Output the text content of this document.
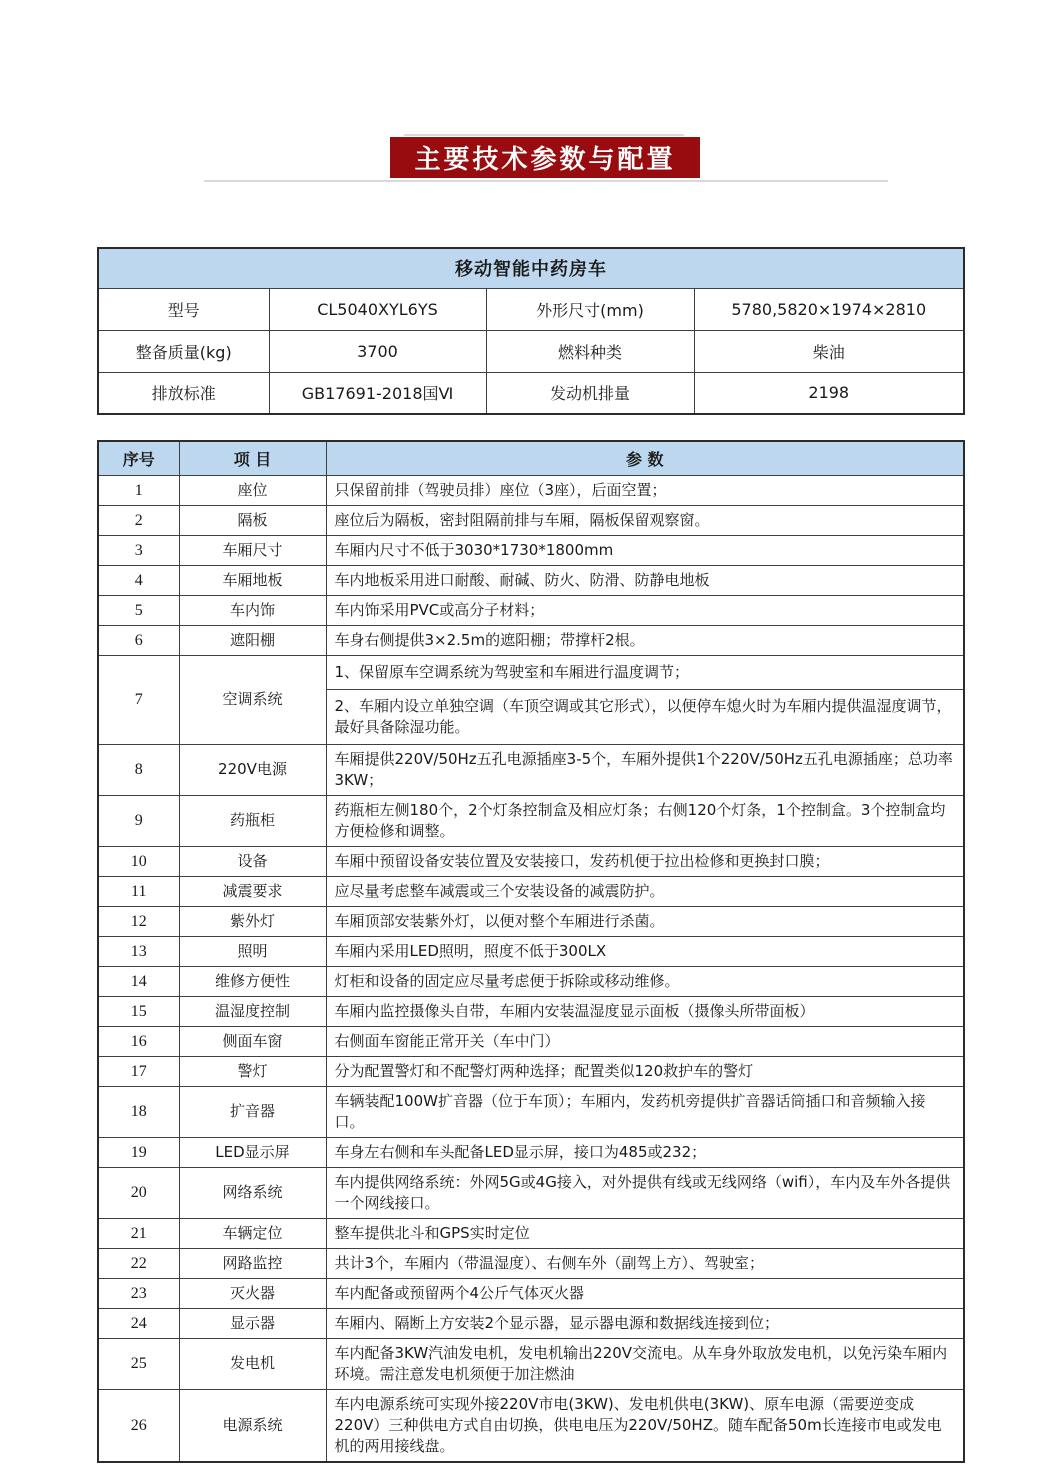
主要技术参数与配置
移动智能中药房车			
型号	CL5040XYL6YS	外形尺寸(mm)	5780,5820×1974×2810
整备质量(kg)	3700	燃料种类	柴油
排放标准	GB17691-2018国Ⅵ	发动机排量	2198
序号	项 目	参 数
1	座位	只保留前排（驾驶员排）座位（3座），后面空置；
2	隔板	座位后为隔板，密封阻隔前排与车厢，隔板保留观察窗。
3	车厢尺寸	车厢内尺寸不低于3030*1730*1800mm
4	车厢地板	车内地板采用进口耐酸、耐碱、防火、防滑、防静电地板
5	车内饰	车内饰采用PVC或高分子材料；
6	遮阳棚	车身右侧提供3×2.5m的遮阳棚；带撑杆2根。
7	空调系统	1、保留原车空调系统为驾驶室和车厢进行温度调节；
2、车厢内设立单独空调（车顶空调或其它形式），以便停车熄火时为车厢内提供温湿度调节，最好具备除湿功能。

8	220V电源	车厢提供220V/50Hz五孔电源插座3-5个，车厢外提供1个220V/50Hz五孔电源插座；总功率3KW；
9	药瓶柜	药瓶柜左侧180个，2个灯条控制盒及相应灯条；右侧120个灯条，1个控制盒。3个控制盒均方便检修和调整。
10	设备	车厢中预留设备安装位置及安装接口，发药机便于拉出检修和更换封口膜；
11	减震要求	应尽量考虑整车减震或三个安装设备的减震防护。
12	紫外灯	车厢顶部安装紫外灯，以便对整个车厢进行杀菌。
13	照明	车厢内采用LED照明，照度不低于300LX
14	维修方便性	灯柜和设备的固定应尽量考虑便于拆除或移动维修。
15	温湿度控制	车厢内监控摄像头自带，车厢内安装温湿度显示面板（摄像头所带面板）
16	侧面车窗	右侧面车窗能正常开关（车中门）
17	警灯	分为配置警灯和不配警灯两种选择；配置类似120救护车的警灯
18	扩音器	车辆装配100W扩音器（位于车顶）；车厢内，发药机旁提供扩音器话筒插口和音频输入接口。
19	LED显示屏	车身左右侧和车头配备LED显示屏，接口为485或232；
20	网络系统	车内提供网络系统：外网5G或4G接入，对外提供有线或无线网络（wifi），车内及车外各提供一个网线接口。
21	车辆定位	整车提供北斗和GPS实时定位
22	网路监控	共计3个，车厢内（带温湿度）、右侧车外（副驾上方）、驾驶室；
23	灭火器	车内配备或预留两个4公斤气体灭火器
24	显示器	车厢内、隔断上方安装2个显示器，显示器电源和数据线连接到位；
25	发电机	车内配备3KW汽油发电机，发电机输出220V交流电。从车身外取放发电机，以免污染车厢内环境。需注意发电机须便于加注燃油
26	电源系统	车内电源系统可实现外接220V市电(3KW)、发电机供电(3KW)、原车电源（需要逆变成220V）三种供电方式自由切换，供电电压为220V/50HZ。随车配备50m长连接市电或发电机的两用接线盘。
